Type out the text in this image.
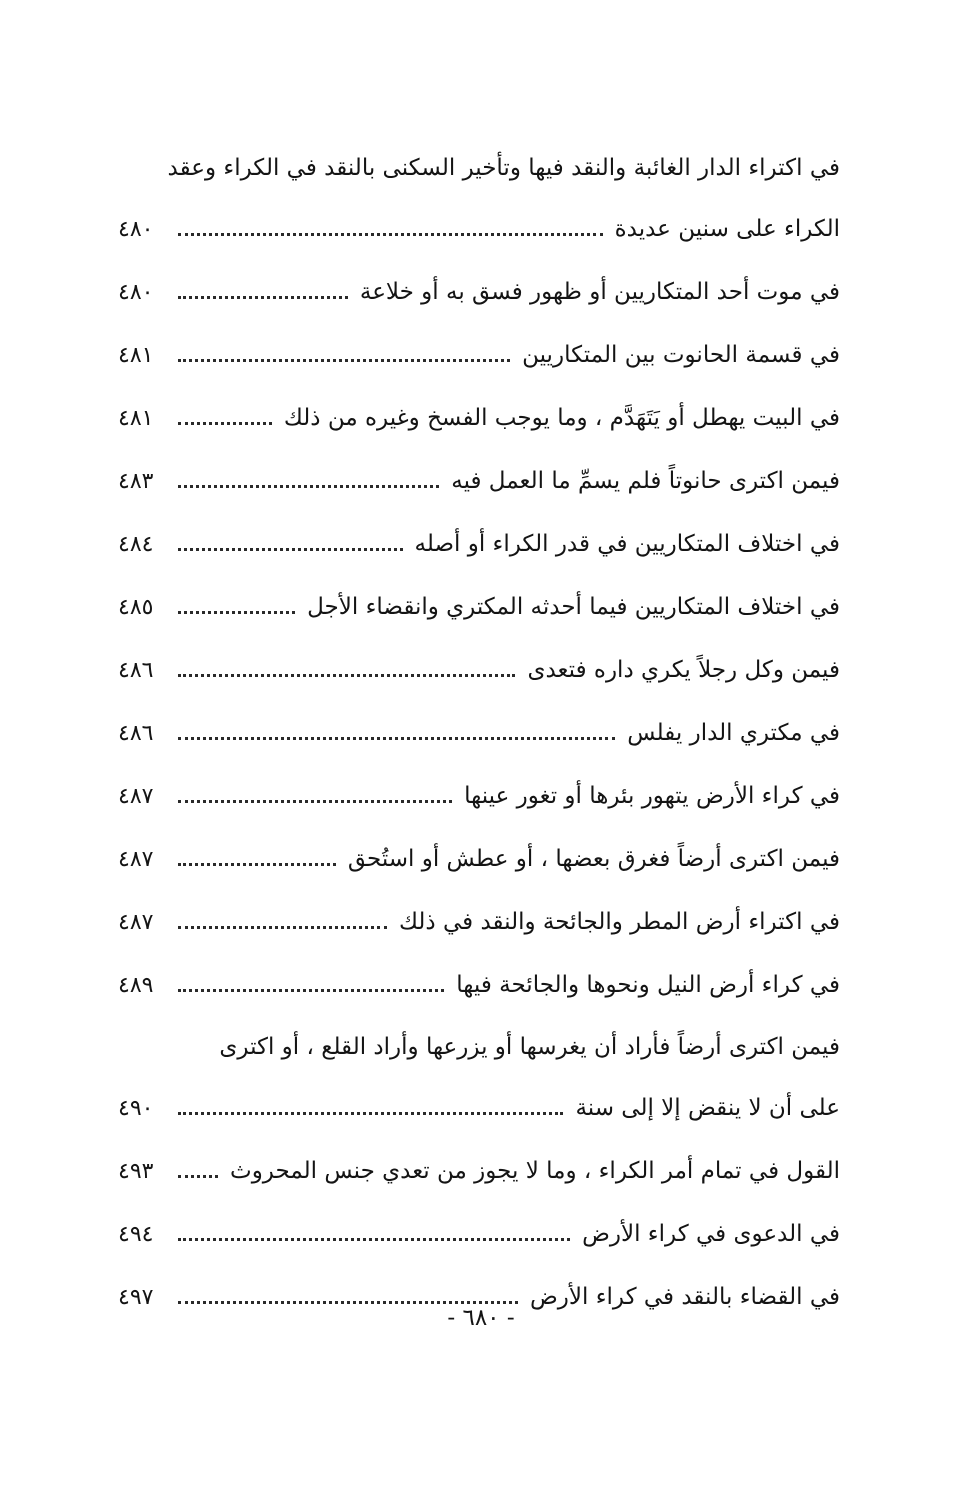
في اكتراء الدار الغائبة والنقد فيها وتأخير السكنى بالنقد في الكراء وعقد
الكراء على سنين عديدة
٤٨٠
في موت أحد المتكاريين أو ظهور فسق به أو خلاعة
٤٨٠
في قسمة الحانوت بين المتكاريين
٤٨١
في البيت يهطل أو يَتَهَدَّم ، وما يوجب الفسخ وغيره من ذلك
٤٨١
فيمن اكترى حانوتاً فلم يسمِّ ما العمل فيه
٤٨٣
في اختلاف المتكاريين في قدر الكراء أو أصله
٤٨٤
في اختلاف المتكاريين فيما أحدثه المكتري وانقضاء الأجل
٤٨٥
فيمن وكل رجلاً يكري داره فتعدى
٤٨٦
في مكتري الدار يفلس
٤٨٦
في كراء الأرض يتهور بئرها أو تغور عينها
٤٨٧
فيمن اكترى أرضاً فغرق بعضها ، أو عطش أو استُحق
٤٨٧
في اكتراء أرض المطر والجائحة والنقد في ذلك
٤٨٧
في كراء أرض النيل ونحوها والجائحة فيها
٤٨٩
فيمن اكترى أرضاً فأراد أن يغرسها أو يزرعها وأراد القلع ، أو اكترى
على أن لا ينقض إلا إلى سنة
٤٩٠
القول في تمام أمر الكراء ، وما لا يجوز من تعدي جنس المحروث
٤٩٣
في الدعوى في كراء الأرض
٤٩٤
في القضاء بالنقد في كراء الأرض
٤٩٧
- ٦٨٠ -
